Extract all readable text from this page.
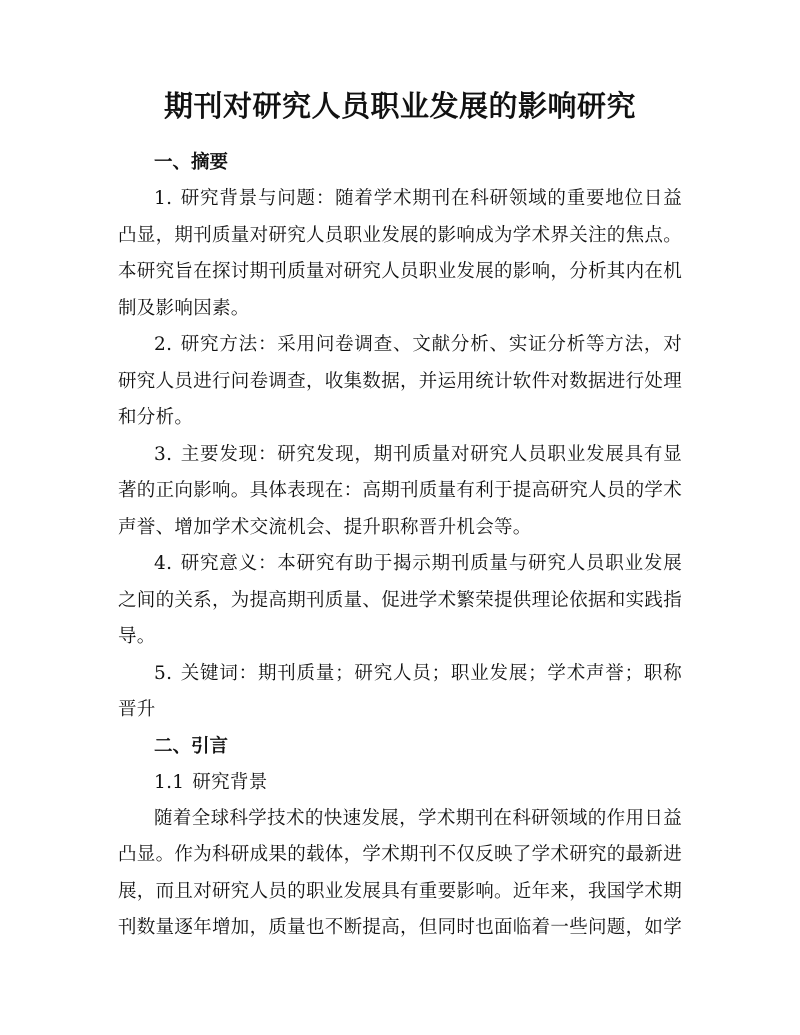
期刊对研究人员职业发展的影响研究

一、摘要

1. 研究背景与问题：随着学术期刊在科研领域的重要地位日益凸显，期刊质量对研究人员职业发展的影响成为学术界关注的焦点。本研究旨在探讨期刊质量对研究人员职业发展的影响，分析其内在机制及影响因素。

2. 研究方法：采用问卷调查、文献分析、实证分析等方法，对研究人员进行问卷调查，收集数据，并运用统计软件对数据进行处理和分析。

3. 主要发现：研究发现，期刊质量对研究人员职业发展具有显著的正向影响。具体表现在：高期刊质量有利于提高研究人员的学术声誉、增加学术交流机会、提升职称晋升机会等。

4. 研究意义：本研究有助于揭示期刊质量与研究人员职业发展之间的关系，为提高期刊质量、促进学术繁荣提供理论依据和实践指导。

5. 关键词：期刊质量；研究人员；职业发展；学术声誉；职称晋升

二、引言

1.1 研究背景

随着全球科学技术的快速发展，学术期刊在科研领域的作用日益凸显。作为科研成果的载体，学术期刊不仅反映了学术研究的最新进展，而且对研究人员的职业发展具有重要影响。近年来，我国学术期刊数量逐年增加，质量也不断提高，但同时也面临着一些问题，如学
